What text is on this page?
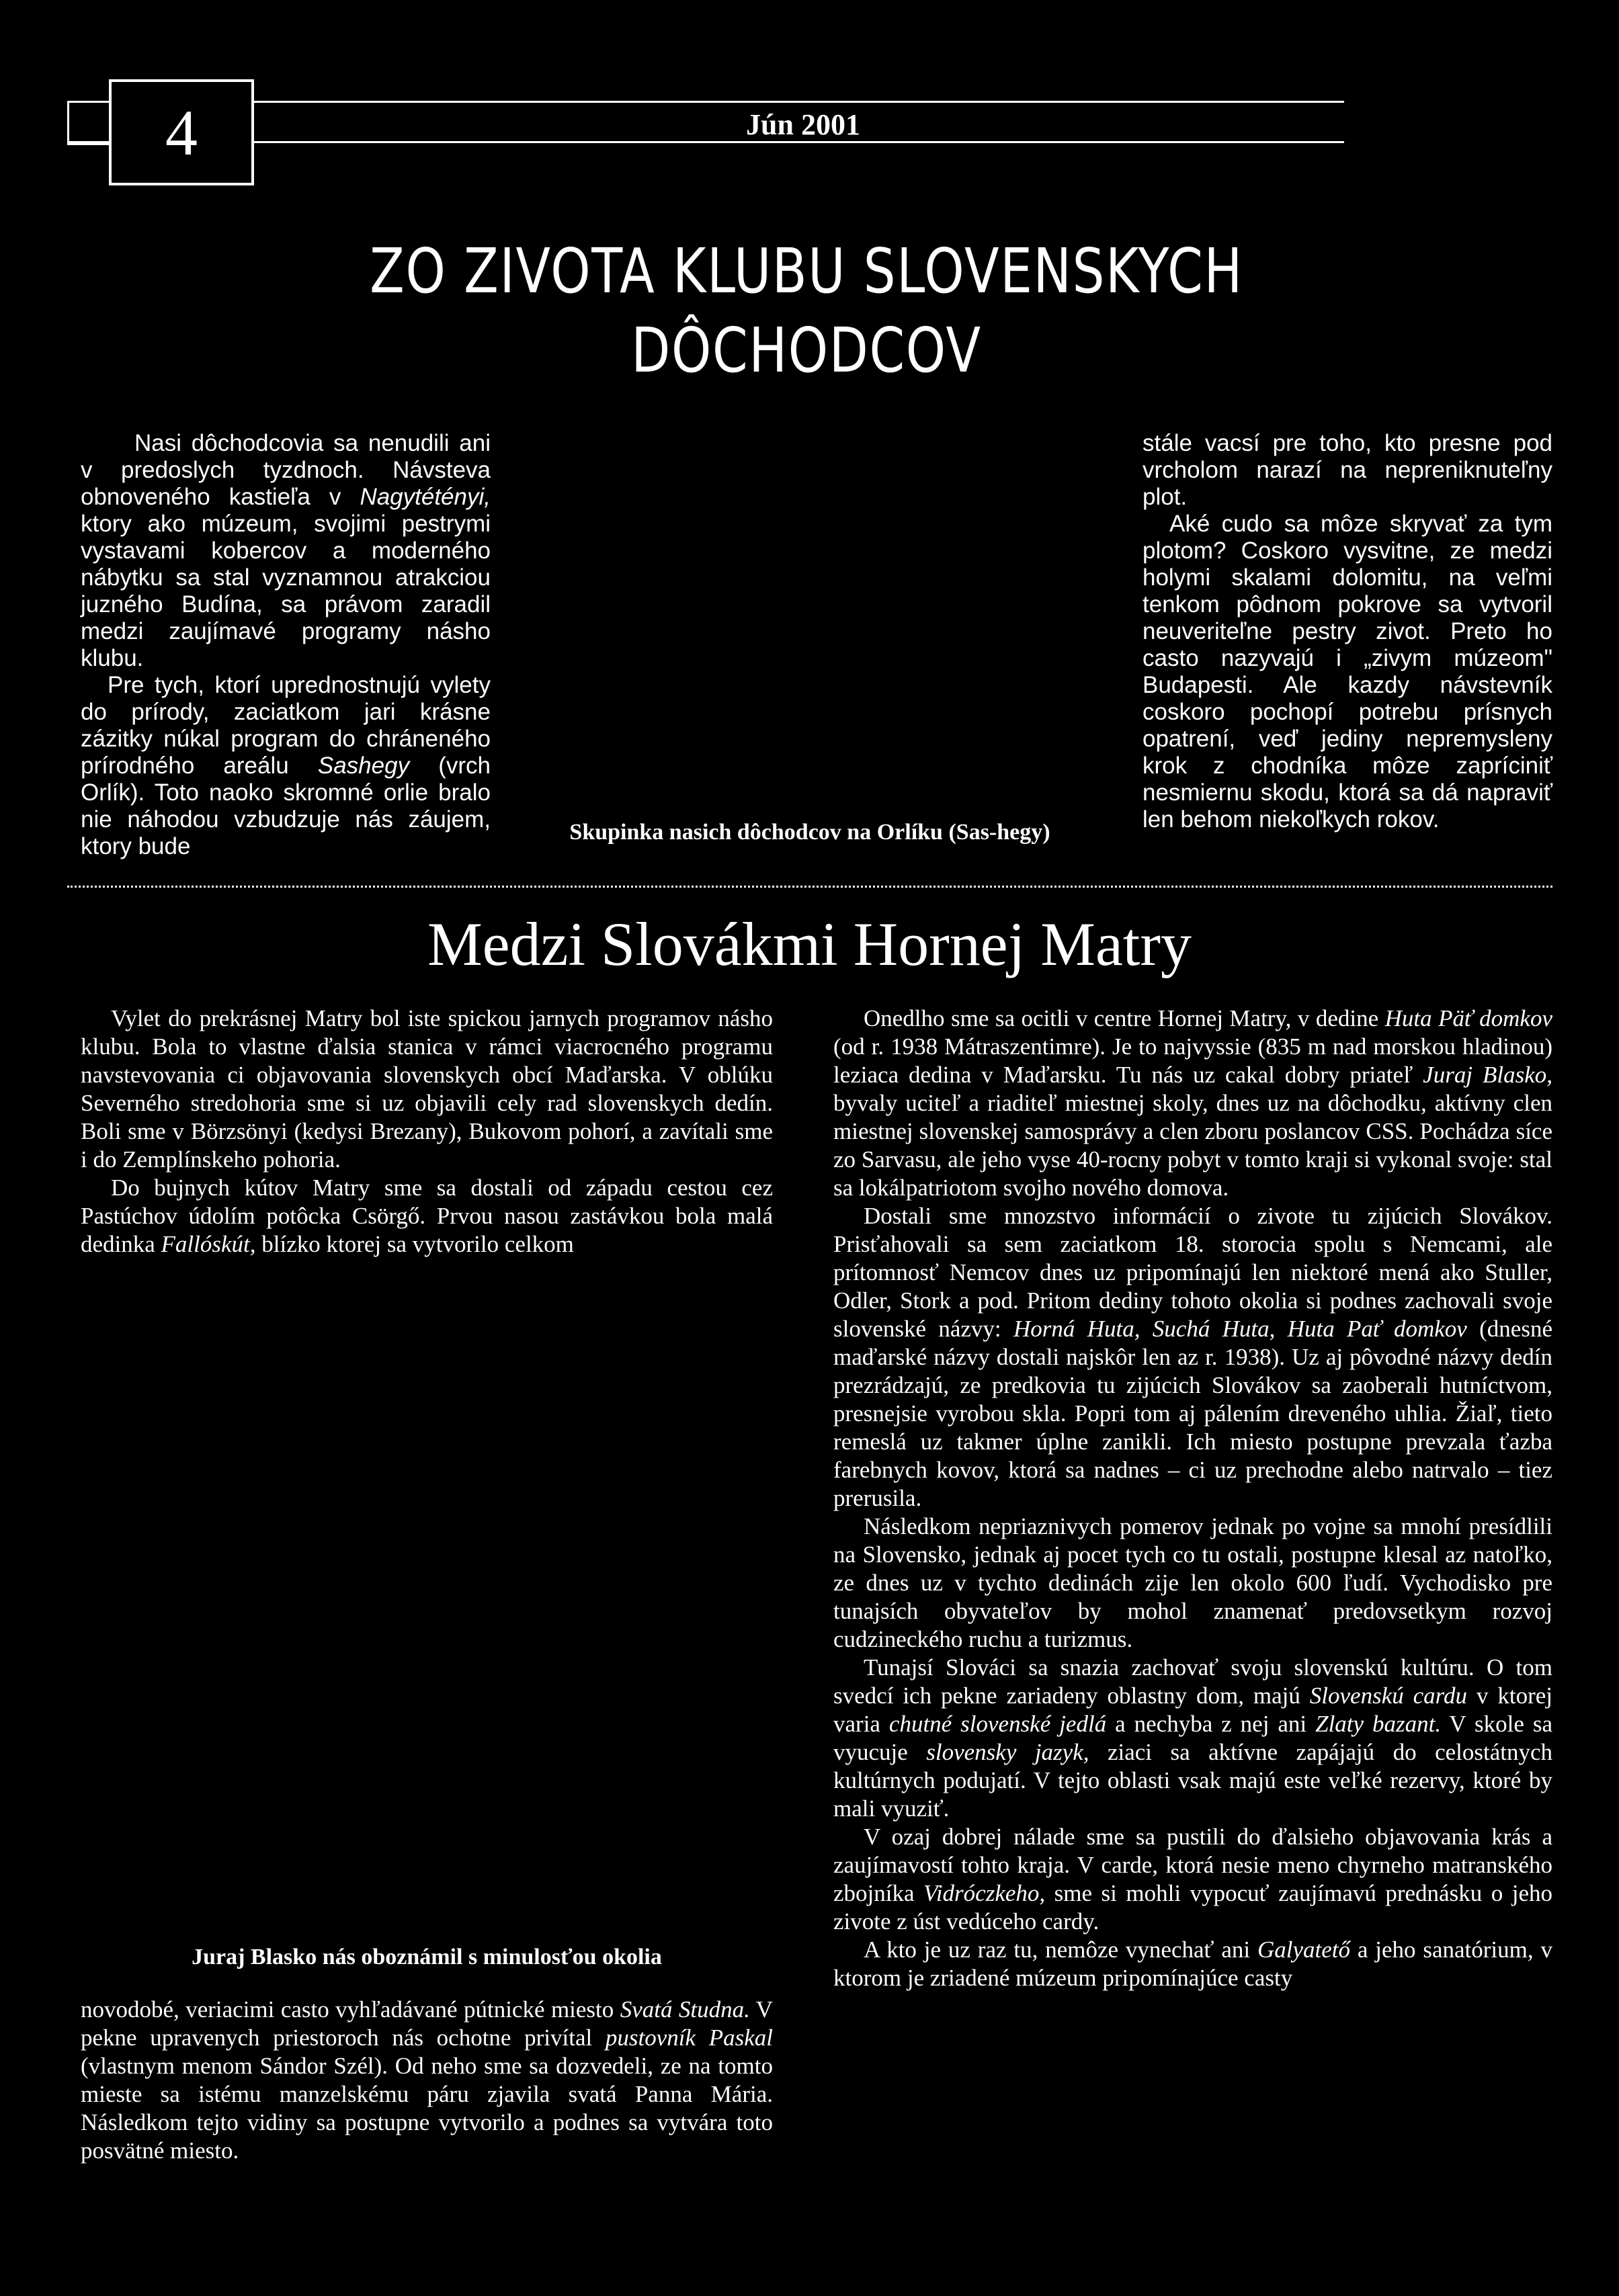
4	Jún 2001
ZO ZIVOTA KLUBU SLOVENSKYCH
DÔCHODCOV

Nasi dôchodcovia sa nenudili ani v predoslych tyzdnoch. Návsteva obnoveného kastieľa v Nagytétényi, ktory ako múzeum, svojimi pestrymi vystavami kobercov a moderného nábytku sa stal vyznamnou atrakciou juzného Budína, sa právom zaradil medzi zaujímavé programy násho klubu.

Pre tych, ktorí uprednostnujú vylety do prírody, zaciatkom jari krásne zázitky núkal program do chráneného prírodného areálu Sashegy (vrch Orlík). Toto naoko skromné orlie bralo nie náhodou vzbudzuje nás záujem, ktory bude

Skupinka nasich dôchodcov na Orlíku (Sas-hegy)

stále vacsí pre toho, kto presne pod vrcholom narazí na nepreniknuteľny plot.

Aké cudo sa môze skryvať za tym plotom? Coskoro vysvitne, ze medzi holymi skalami dolomitu, na veľmi tenkom pôdnom pokrove sa vytvoril neuveriteľne pestry zivot. Preto ho casto nazyvajú i „zivym múzeom" Budapesti. Ale kazdy návstevník coskoro pochopí potrebu prísnych opatrení, veď jediny nepremysleny krok z chodníka môze zapríciniť nesmiernu skodu, ktorá sa dá napraviť len behom niekoľkych rokov.

Medzi Slovákmi Hornej Matry

Vylet do prekrásnej Matry bol iste spickou jarnych programov násho klubu. Bola to vlastne ďalsia stanica v rámci viacrocného programu navstevovania ci objavovania slovenskych obcí Maďarska. V oblúku Severného stredohoria sme si uz objavili cely rad slovenskych dedín. Boli sme v Börzsönyi (kedysi Brezany), Bukovom pohorí, a zavítali sme i do Zemplínskeho pohoria.

Do bujnych kútov Matry sme sa dostali od západu cestou cez Pastúchov údolím potôcka Csörgő. Prvou nasou zastávkou bola malá dedinka Fallóskút, blízko ktorej sa vytvorilo celkom

Juraj Blasko nás oboznámil s minulosťou okolia

novodobé, veriacimi casto vyhľadávané pútnické miesto Svatá Studna. V pekne upravenych priestoroch nás ochotne privítal pustovník Paskal (vlastnym menom Sándor Szél). Od neho sme sa dozvedeli, ze na tomto mieste sa istému manzelskému páru zjavila svatá Panna Mária. Následkom tejto vidiny sa postupne vytvorilo a podnes sa vytvára toto posvätné miesto.

Onedlho sme sa ocitli v centre Hornej Matry, v dedine Huta Päť domkov (od r. 1938 Mátraszentimre). Je to najvyssie (835 m nad morskou hladinou) leziaca dedina v Maďarsku. Tu nás uz cakal dobry priateľ Juraj Blasko, byvaly uciteľ a riaditeľ miestnej skoly, dnes uz na dôchodku, aktívny clen miestnej slovenskej samosprávy a clen zboru poslancov CSS. Pochádza síce zo Sarvasu, ale jeho vyse 40-rocny pobyt v tomto kraji si vykonal svoje: stal sa lokálpatriotom svojho nového domova.

Dostali sme mnozstvo informácií o zivote tu zijúcich Slovákov. Prisťahovali sa sem zaciatkom 18. storocia spolu s Nemcami, ale prítomnosť Nemcov dnes uz pripomínajú len niektoré mená ako Stuller, Odler, Stork a pod. Pritom dediny tohoto okolia si podnes zachovali svoje slovenské názvy: Horná Huta, Suchá Huta, Huta Pať domkov (dnesné maďarské názvy dostali najskôr len az r. 1938). Uz aj pôvodné názvy dedín prezrádzajú, ze predkovia tu zijúcich Slovákov sa zaoberali hutníctvom, presnejsie vyrobou skla. Popri tom aj pálením dreveného uhlia. Žiaľ, tieto remeslá uz takmer úplne zanikli. Ich miesto postupne prevzala ťazba farebnych kovov, ktorá sa nadnes – ci uz prechodne alebo natrvalo – tiez prerusila.

Následkom nepriaznivych pomerov jednak po vojne sa mnohí presídlili na Slovensko, jednak aj pocet tych co tu ostali, postupne klesal az natoľko, ze dnes uz v tychto dedinách zije len okolo 600 ľudí. Vychodisko pre tunajsích obyvateľov by mohol znamenať predovsetkym rozvoj cudzineckého ruchu a turizmus.

Tunajsí Slováci sa snazia zachovať svoju slovenskú kultúru. O tom svedcí ich pekne zariadeny oblastny dom, majú Slovenskú cardu v ktorej varia chutné slovenské jedlá a nechyba z nej ani Zlaty bazant. V skole sa vyucuje slovensky jazyk, ziaci sa aktívne zapájajú do celostátnych kultúrnych podujatí. V tejto oblasti vsak majú este veľké rezervy, ktoré by mali vyuziť.

V ozaj dobrej nálade sme sa pustili do ďalsieho objavovania krás a zaujímavostí tohto kraja. V carde, ktorá nesie meno chyrneho matranského zbojníka Vidróczkeho, sme si mohli vypocuť zaujímavú prednásku o jeho zivote z úst vedúceho cardy.

A kto je uz raz tu, nemôze vynechať ani Galyatető a jeho sanatórium, v ktorom je zriadené múzeum pripomínajúce casty
